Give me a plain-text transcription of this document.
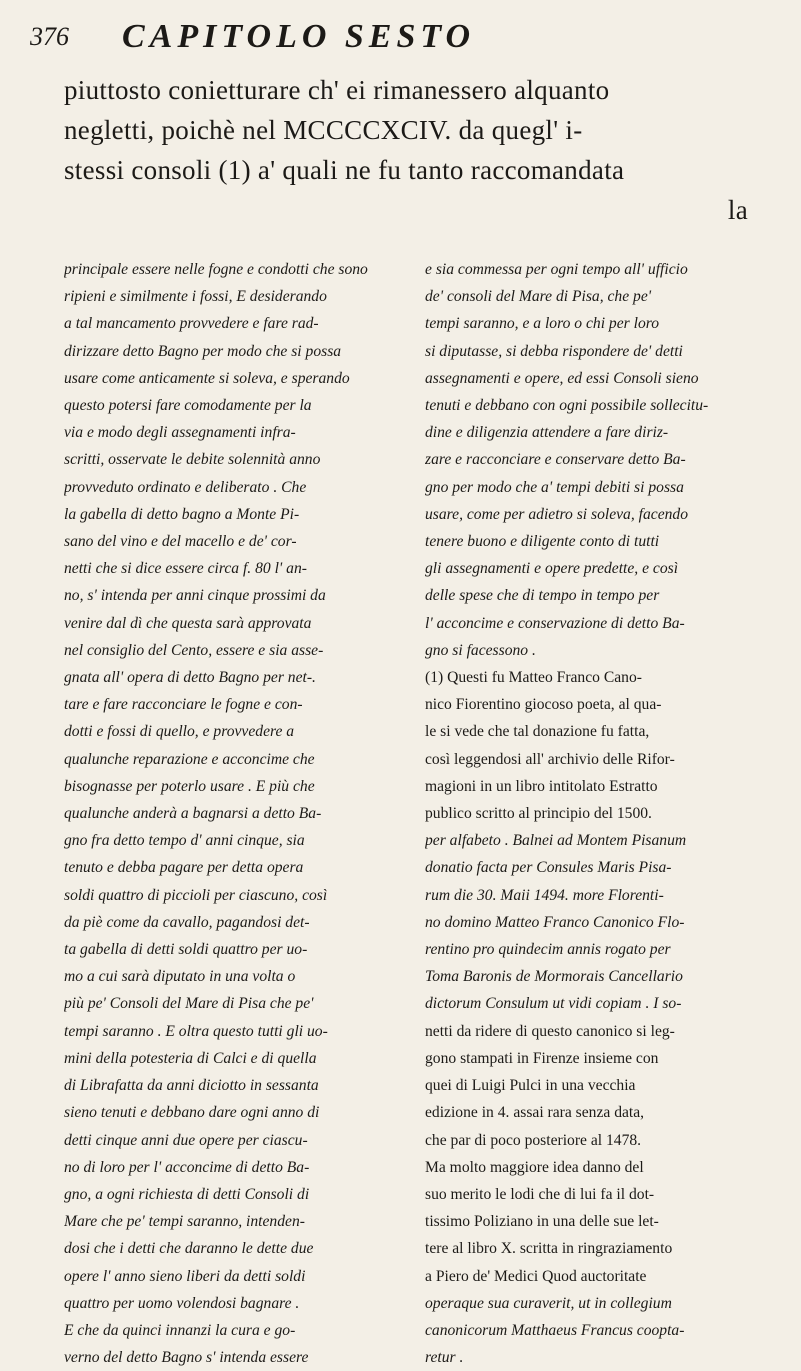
376 CAPITOLO SESTO
piuttosto conietturare ch' ei rimanessero alquanto
negletti, poichè nel MCCCCXCIV. da quegl' i-
stessi consoli (1) a' quali ne fu tanto raccomandata
la
principale essere nelle fogne e condotti che sono
ripieni e similmente i fossi, E desiderando
a tal mancamento provvedere e fare rad-
dirizzare detto Bagno per modo che si possa
usare come anticamente si soleva, e sperando
questo potersi fare comodamente per la
via e modo degli assegnamenti infra-
scritti, osservate le debite solennità anno
provveduto ordinato e deliberato . Che
la gabella di detto bagno a Monte Pi-
sano del vino e del macello e de' cor-
netti che si dice essere circa f. 80 l' an-
no, s' intenda per anni cinque prossimi da
venire dal dì che questa sarà approvata
nel consiglio del Cento, essere e sia asse-
gnata all' opera di detto Bagno per net-.
tare e fare racconciare le fogne e con-
dotti e fossi di quello, e provvedere a
qualunche reparazione e acconcime che
bisognasse per poterlo usare . E più che
qualunche anderà a bagnarsi a detto Ba-
gno fra detto tempo d' anni cinque, sia
tenuto e debba pagare per detta opera
soldi quattro di piccioli per ciascuno, così
da piè come da cavallo, pagandosi det-
ta gabella di detti soldi quattro per uo-
mo a cui sarà diputato in una volta o
più pe' Consoli del Mare di Pisa che pe'
tempi saranno . E oltra questo tutti gli uo-
mini della potesteria di Calci e di quella
di Librafatta da anni diciotto in sessanta
sieno tenuti e debbano dare ogni anno di
detti cinque anni due opere per ciascu-
no di loro per l' acconcime di detto Ba-
gno, a ogni richiesta di detti Consoli di
Mare che pe' tempi saranno, intenden-
dosi che i detti che daranno le dette due
opere l' anno sieno liberi da detti soldi
quattro per uomo volendosi bagnare .
E che da quinci innanzi la cura e go-
verno del detto Bagno s' intenda essere
e sia commessa per ogni tempo all' ufficio
de' consoli del Mare di Pisa, che pe'
tempi saranno, e a loro o chi per loro
si diputasse, si debba rispondere de' detti
assegnamenti e opere, ed essi Consoli sieno
tenuti e debbano con ogni possibile sollecitu-
dine e diligenzia attendere a fare diriz-
zare e racconciare e conservare detto Ba-
gno per modo che a' tempi debiti si possa
usare, come per adietro si soleva, facendo
tenere buono e diligente conto di tutti
gli assegnamenti e opere predette, e così
delle spese che di tempo in tempo per
l' acconcime e conservazione di detto Ba-
gno si facessono .
(1) Questi fu Matteo Franco Cano-
nico Fiorentino giocoso poeta, al qua-
le si vede che tal donazione fu fatta,
così leggendosi all' archivio delle Rifor-
magioni in un libro intitolato Estratto
publico scritto al principio del 1500.
per alfabeto . Balnei ad Montem Pisanum
donatio facta per Consules Maris Pisa-
rum die 30. Maii 1494. more Florenti-
no domino Matteo Franco Canonico Flo-
rentino pro quindecim annis rogato per
Toma Baronis de Mormorais Cancellario
dictorum Consulum ut vidi copiam . I so-
netti da ridere di questo canonico si leg-
gono stampati in Firenze insieme con
quei di Luigi Pulci in una vecchia
edizione in 4. assai rara senza data,
che par di poco posteriore al 1478.
Ma molto maggiore idea danno del
suo merito le lodi che di lui fa il dot-
tissimo Poliziano in una delle sue let-
tere al libro X. scritta in ringraziamento
a Piero de' Medici Quod auctoritate
operaque sua curaverit, ut in collegium
canonicorum Matthaeus Francus coopta-
retur .
